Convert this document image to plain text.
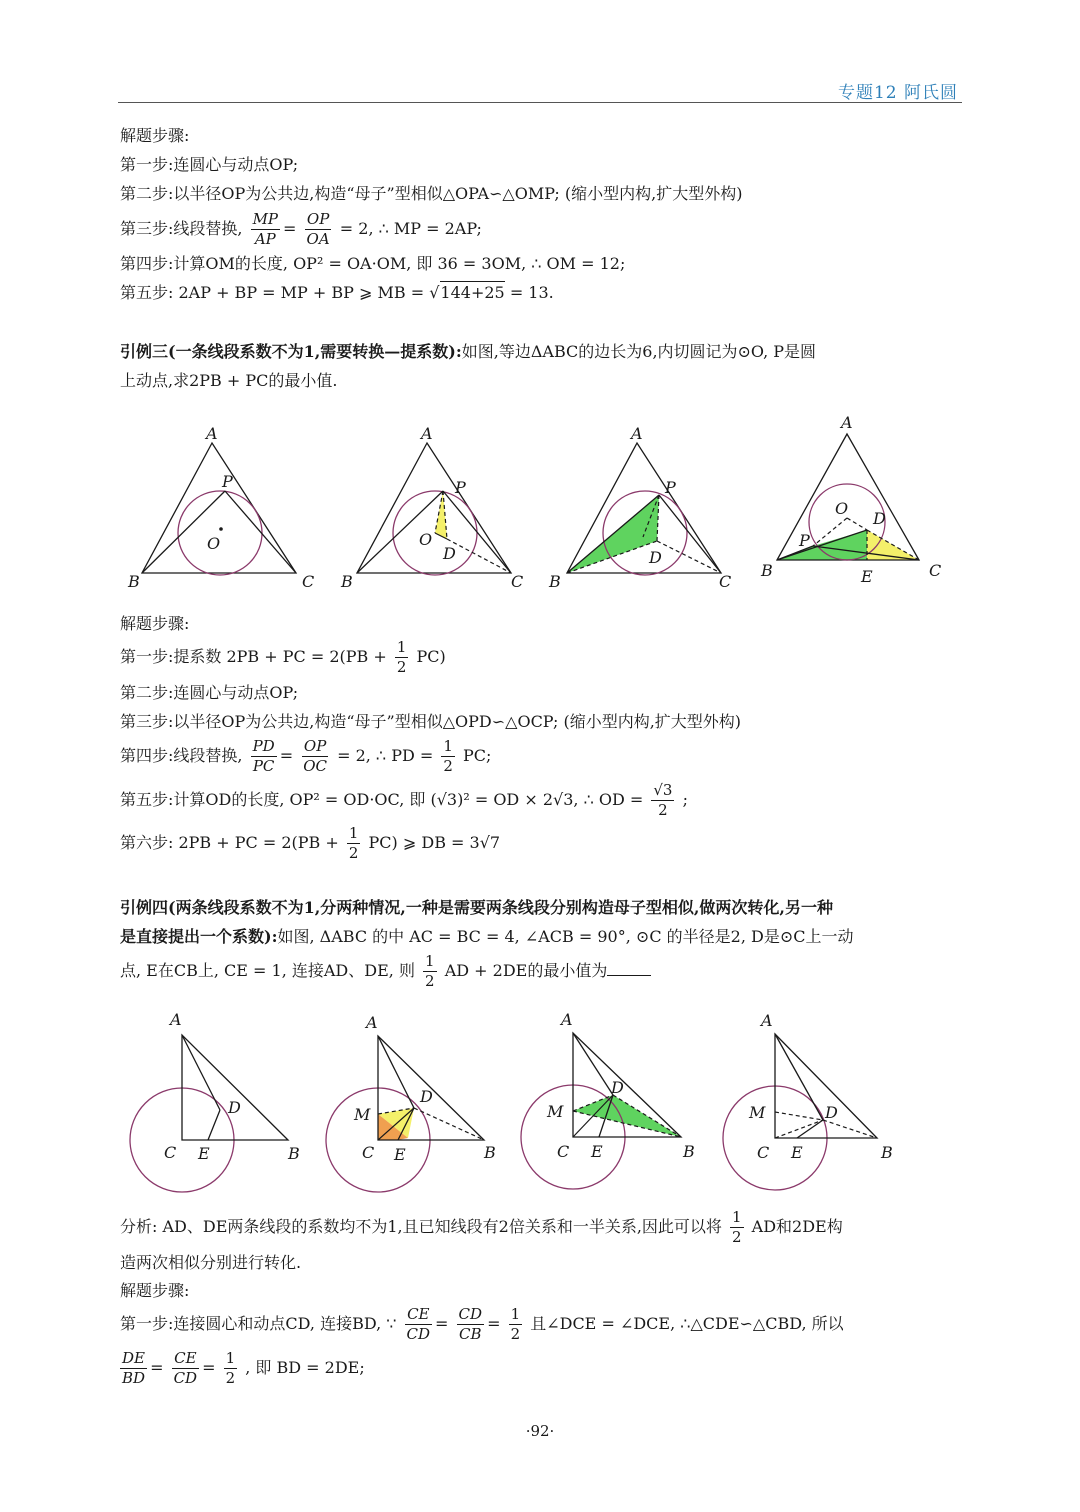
专题12 阿氏圆
解题步骤:
第一步:连圆心与动点OP;
第二步:以半径OP为公共边,构造“母子”型相似△OPA∽△OMP; (缩小型内构,扩大型外构)
第三步:线段替换, $\frac{MP}{AP} = \frac{OP}{OA} = 2$, ∴ MP = 2AP;
第四步:计算OM的长度, OP² = OA·OM, 即 36 = 3OM, ∴ OM = 12;
第五步: 2AP + BP = MP + BP ⩾ MB = √144+25 = 13.
引例三(一条线段系数不为1,需要转换—提系数):如图,等边ΔABC的边长为6,内切圆记为⊙O, P是圆
上动点,求2PB + PC的最小值.
A
B	C
P
O
A
B	C
P
O
D
A
B	C
P
D
A
B	C
O
D
P
E
解题步骤:
第一步:提系数 2PB + PC = $2(PB + \frac{1}{2} PC)$
第二步:连圆心与动点OP;
第三步:以半径OP为公共边,构造“母子”型相似△OPD∽△OCP; (缩小型内构,扩大型外构)
第四步:线段替换, $\frac{PD}{PC} = \frac{OP}{OC} = 2$, ∴ PD = $\frac{1}{2}$ PC;
第五步:计算OD的长度, OP² = OD·OC, 即 (√3)² = OD × 2√3, ∴ OD = $\frac{√3}{2}$ ;
第六步: 2PB + PC = $2(PB + \frac{1}{2} PC)$ ⩾ DB = 3√7
引例四(两条线段系数不为1,分两种情况,一种是需要两条线段分别构造母子型相似,做两次转化,另一种
是直接提出一个系数):如图, ΔABC 的中 AC = BC = 4, ∠ACB = 90°, ⊙C 的半径是2, D是⊙C上一动
点, E在CB上, CE = 1, 连接AD、DE, 则 $\frac{1}{2}$ AD + 2DE的最小值为
A
D
C E	B
A
M
D
C E	B
A
M
D
C E	B
A
M	D
C E	B
分析: AD、DE两条线段的系数均不为1,且已知线段有2倍关系和一半关系,因此可以将 $\frac{1}{2}$ AD和2DE构
造两次相似分别进行转化.
解题步骤:
第一步:连接圆心和动点CD, 连接BD, ∵ $\frac{CE}{CD} = \frac{CD}{CB} = \frac{1}{2}$ 且∠DCE = ∠DCE, ∴△CDE∽△CBD, 所以
$\frac{DE}{BD} = \frac{CE}{CD} = \frac{1}{2}$ , 即 BD = 2DE;
·92·
